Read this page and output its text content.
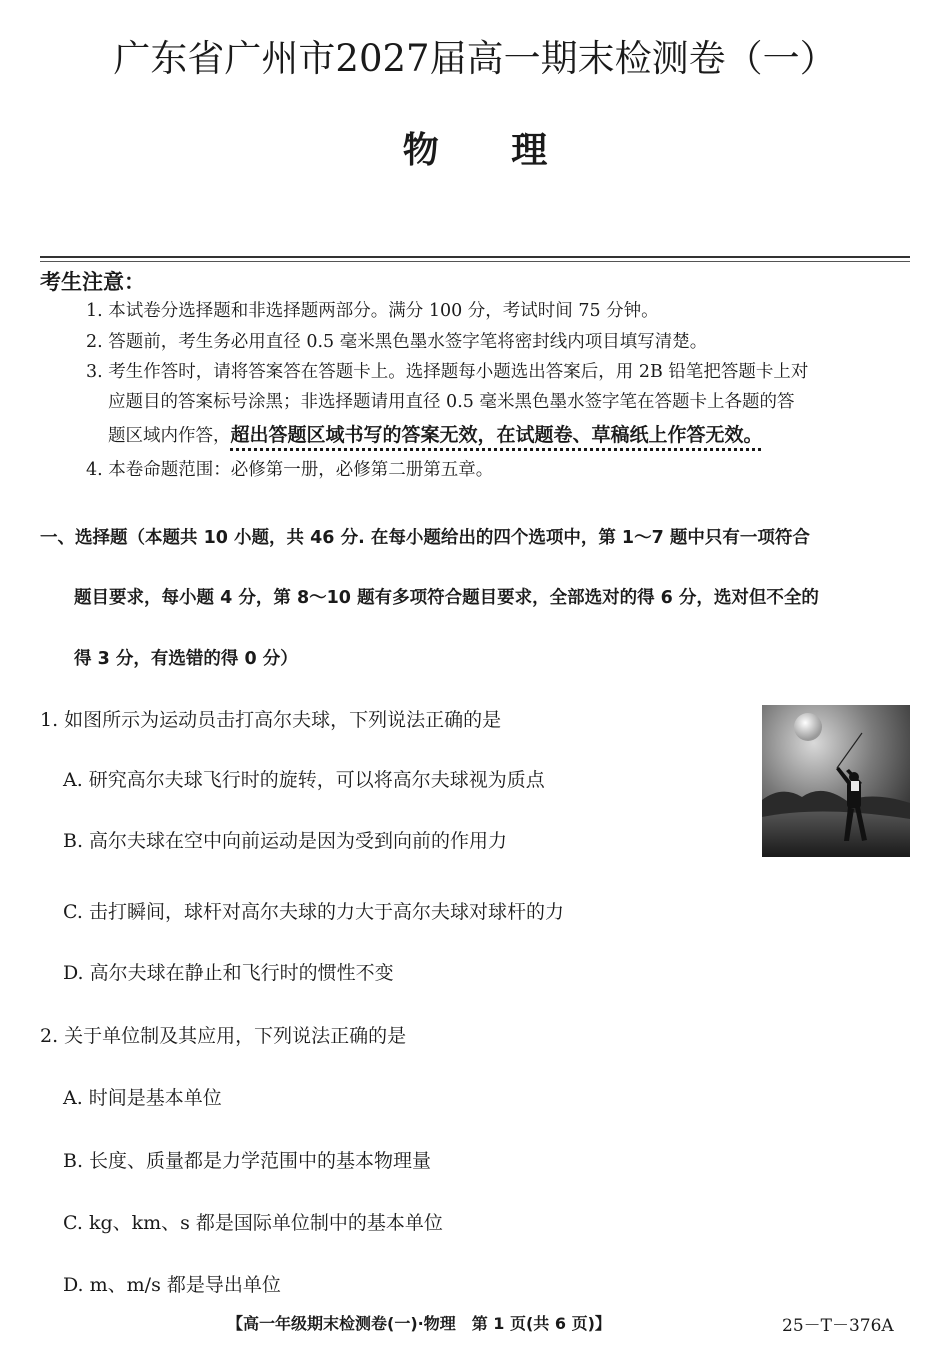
广东省广州市2027届高一期末检测卷（一）
物 理
考生注意：
1. 本试卷分选择题和非选择题两部分。满分 100 分，考试时间 75 分钟。
2. 答题前，考生务必用直径 0.5 毫米黑色墨水签字笔将密封线内项目填写清楚。
3. 考生作答时，请将答案答在答题卡上。选择题每小题选出答案后，用 2B 铅笔把答题卡上对
应题目的答案标号涂黑；非选择题请用直径 0.5 毫米黑色墨水签字笔在答题卡上各题的答
题区域内作答，超出答题区域书写的答案无效，在试题卷、草稿纸上作答无效。
4. 本卷命题范围：必修第一册，必修第二册第五章。
一、选择题（本题共 10 小题，共 46 分. 在每小题给出的四个选项中，第 1～7 题中只有一项符合
题目要求，每小题 4 分，第 8～10 题有多项符合题目要求，全部选对的得 6 分，选对但不全的
得 3 分，有选错的得 0 分）
1. 如图所示为运动员击打高尔夫球，下列说法正确的是
A. 研究高尔夫球飞行时的旋转，可以将高尔夫球视为质点
B. 高尔夫球在空中向前运动是因为受到向前的作用力
C. 击打瞬间，球杆对高尔夫球的力大于高尔夫球对球杆的力
D. 高尔夫球在静止和飞行时的惯性不变
2. 关于单位制及其应用，下列说法正确的是
A. 时间是基本单位
B. 长度、质量都是力学范围中的基本物理量
C. kg、km、s 都是国际单位制中的基本单位
D. m、m/s 都是导出单位
【高一年级期末检测卷(一)·物理　第 1 页(共 6 页)】	25－T－376A
